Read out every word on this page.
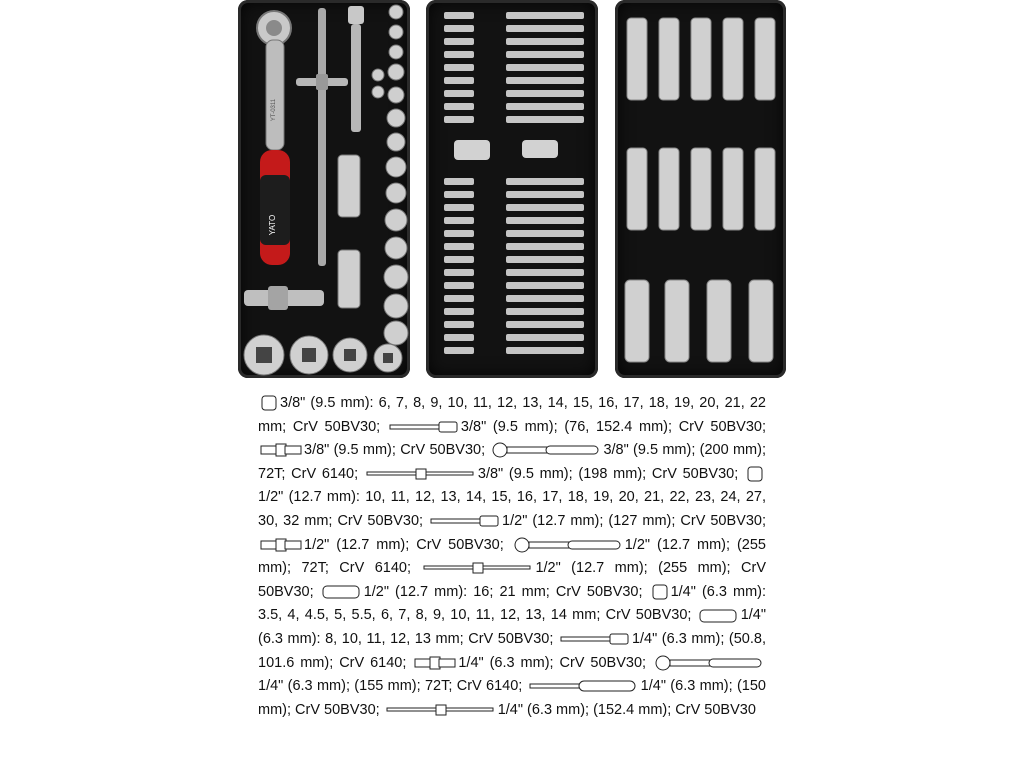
YATO
YT-0311

3/8" (9.5 mm): 6, 7, 8, 9, 10, 11, 12, 13, 14, 15, 16, 17, 18, 19, 20, 21, 22 mm; CrV 50BV30;	3/8" (9.5 mm); (76, 152.4 mm); CrV 50BV30;
3/8" (9.5 mm); CrV 50BV30;	3/8" (9.5 mm); (200 mm); 72T; CrV 6140;	3/8" (9.5 mm); (198 mm); CrV 50BV30;
1/2" (12.7 mm): 10, 11, 12, 13, 14, 15, 16, 17, 18, 19, 20, 21, 22, 23, 24, 27, 30, 32 mm; CrV 50BV30;	1/2" (12.7 mm); (127 mm); CrV 50BV30;
1/2" (12.7 mm); CrV 50BV30;	1/2" (12.7 mm); (255 mm); 72T; CrV 6140;	1/2" (12.7 mm); (255 mm); CrV 50BV30;	1/2" (12.7 mm): 16; 21 mm; CrV 50BV30; 1/4" (6.3 mm): 3.5, 4, 4.5, 5, 5.5, 6, 7, 8, 9, 10, 11, 12, 13, 14 mm; CrV 50BV30;	1/4" (6.3 mm): 8, 10, 11, 12, 13 mm; CrV 50BV30;	1/4" (6.3 mm); (50.8, 101.6 mm); CrV 6140;	1/4" (6.3 mm); CrV 50BV30;
1/4" (6.3 mm); (155 mm); 72T; CrV 6140;	1/4" (6.3 mm); (150 mm); CrV 50BV30;	1/4" (6.3 mm); (152.4 mm); CrV 50BV30
